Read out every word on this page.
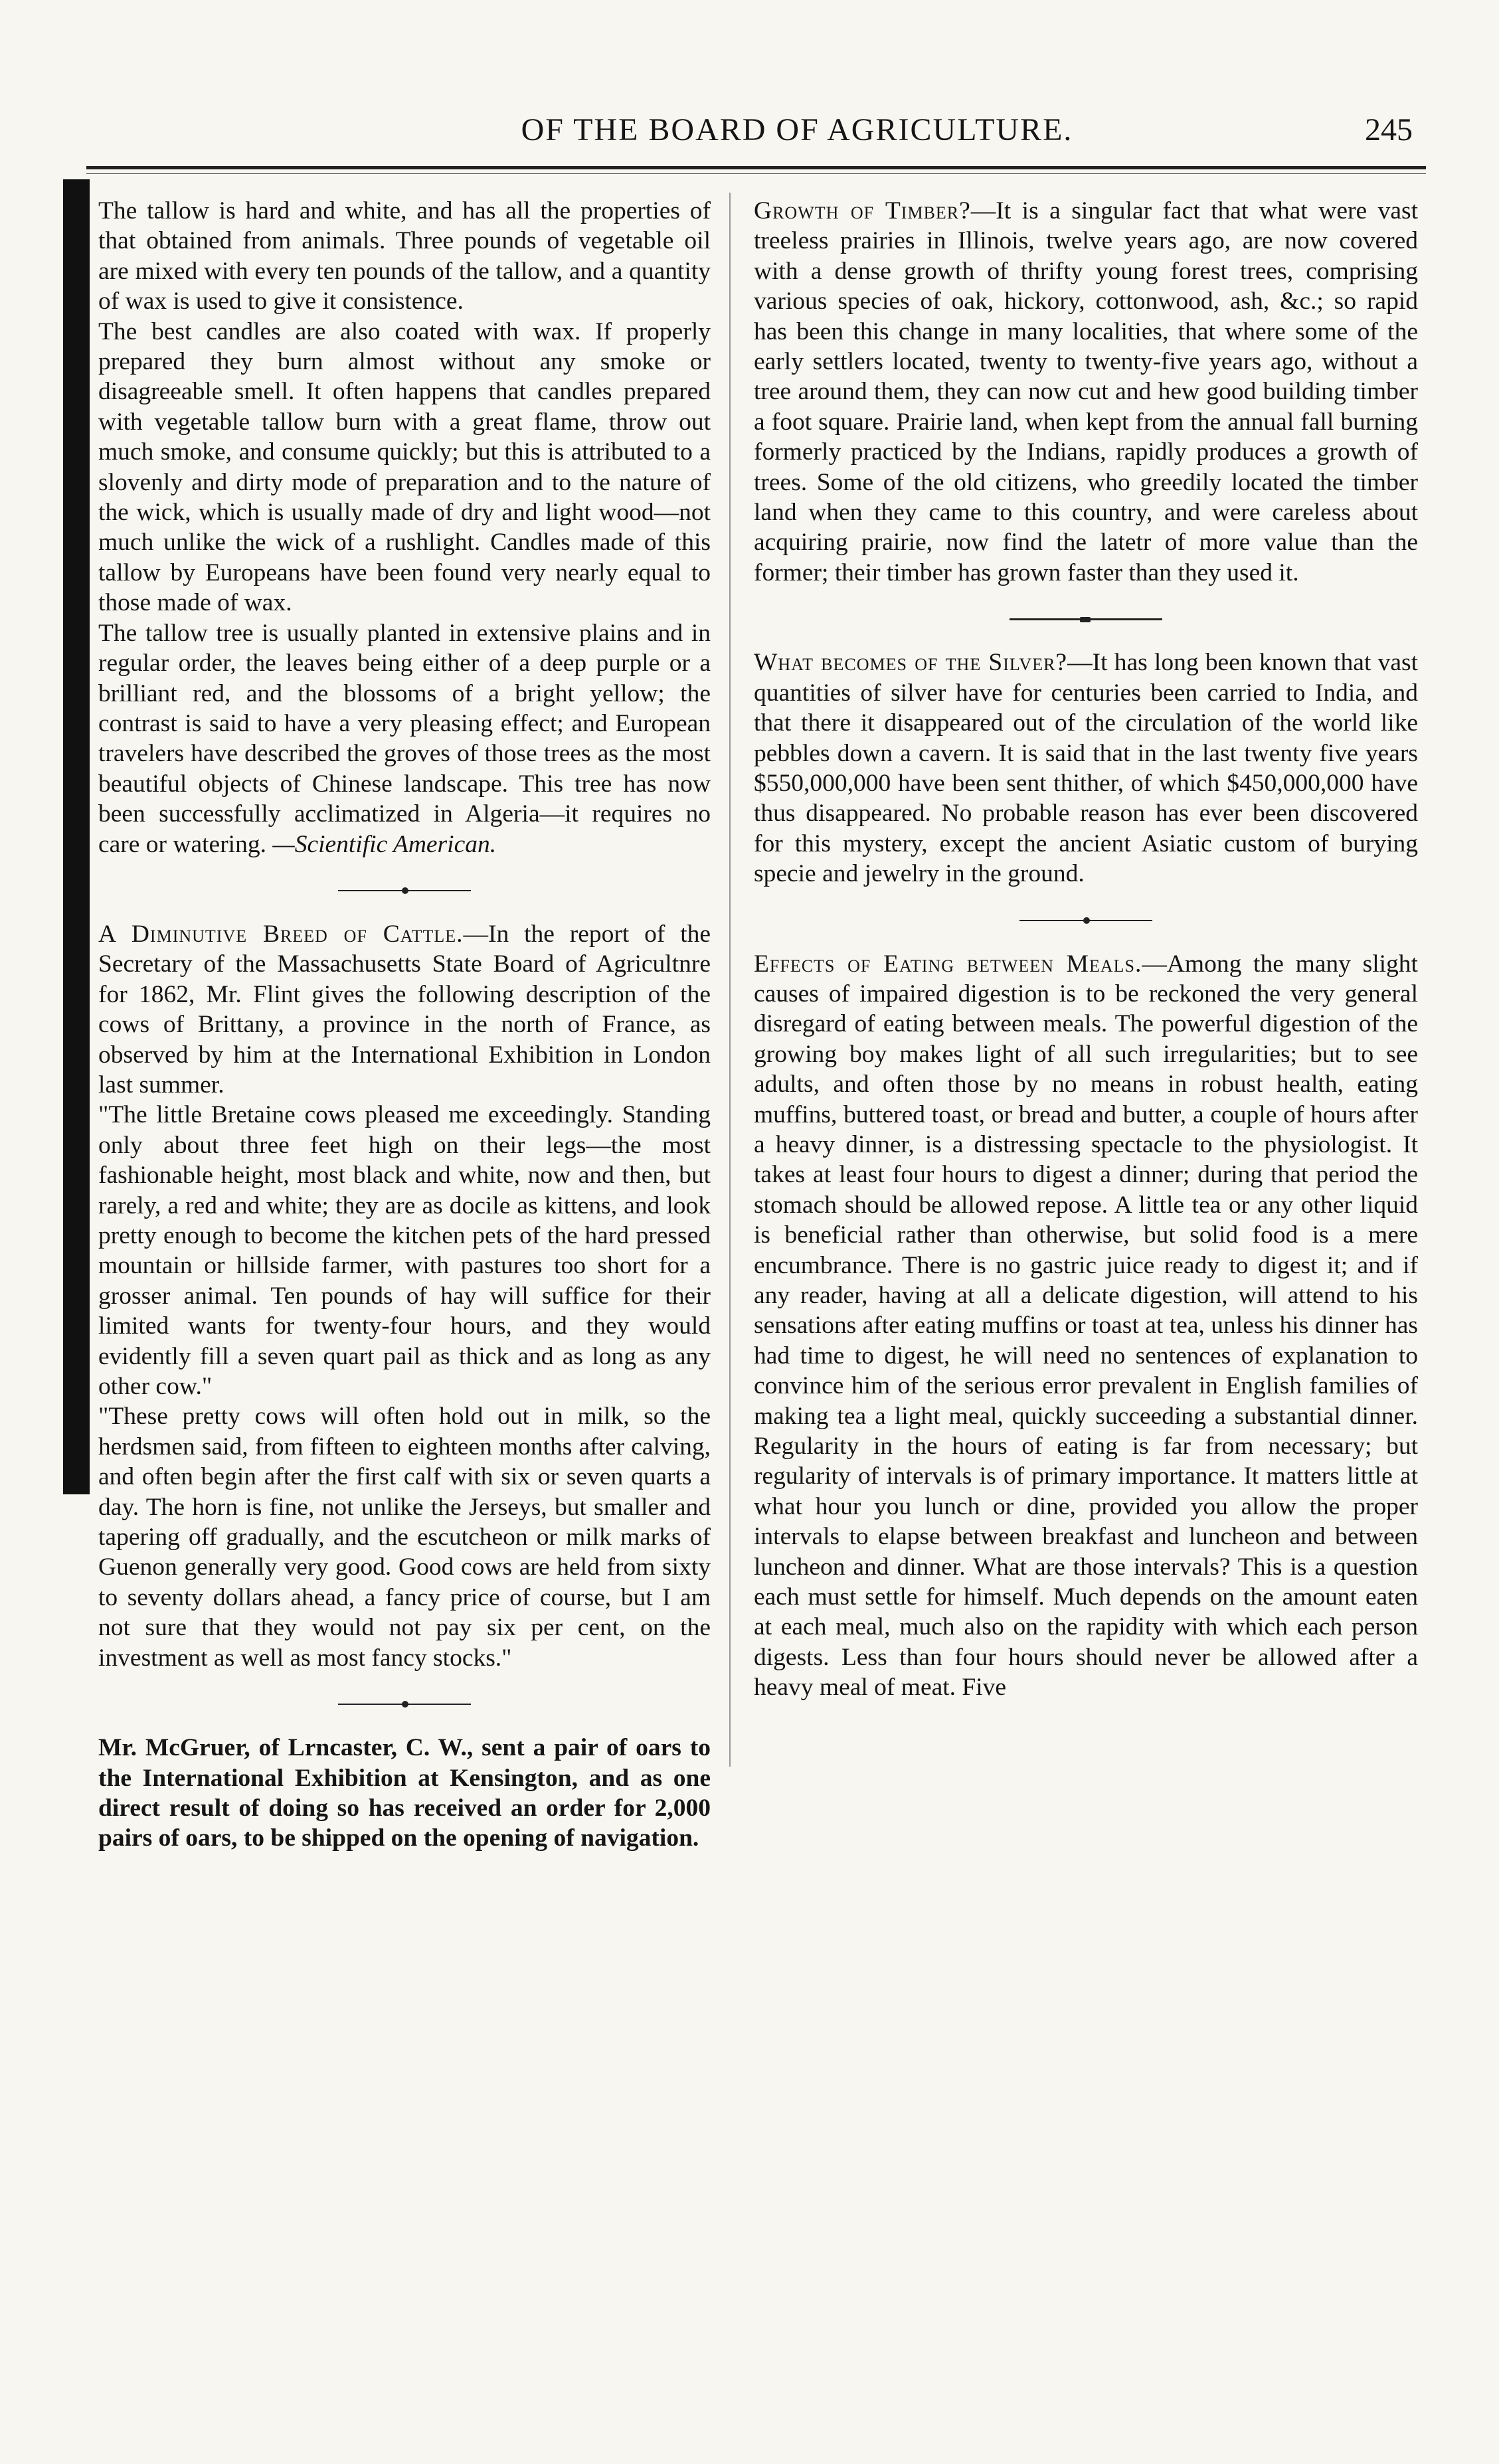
OF THE BOARD OF AGRICULTURE.	245

The tallow is hard and white, and has all the properties of that obtained from animals. Three pounds of vegetable oil are mixed with every ten pounds of the tallow, and a quantity of wax is used to give it consistence.

The best candles are also coated with wax. If properly prepared they burn almost without any smoke or disagreeable smell. It often happens that candles prepared with vegetable tallow burn with a great flame, throw out much smoke, and consume quickly; but this is attributed to a slovenly and dirty mode of preparation and to the nature of the wick, which is usually made of dry and light wood—not much unlike the wick of a rushlight. Candles made of this tallow by Europeans have been found very nearly equal to those made of wax.

The tallow tree is usually planted in extensive plains and in regular order, the leaves being either of a deep purple or a brilliant red, and the blossoms of a bright yellow; the contrast is said to have a very pleasing effect; and European travelers have described the groves of those trees as the most beautiful objects of Chinese landscape. This tree has now been successfully acclimatized in Algeria—it requires no care or watering. —Scientific American.

A Diminutive Breed of Cattle.—In the report of the Secretary of the Massachusetts State Board of Agricultnre for 1862, Mr. Flint gives the following description of the cows of Brittany, a province in the north of France, as observed by him at the International Exhibition in London last summer.

"The little Bretaine cows pleased me exceedingly. Standing only about three feet high on their legs—the most fashionable height, most black and white, now and then, but rarely, a red and white; they are as docile as kittens, and look pretty enough to become the kitchen pets of the hard pressed mountain or hillside farmer, with pastures too short for a grosser animal. Ten pounds of hay will suffice for their limited wants for twenty-four hours, and they would evidently fill a seven quart pail as thick and as long as any other cow."

"These pretty cows will often hold out in milk, so the herdsmen said, from fifteen to eighteen months after calving, and often begin after the first calf with six or seven quarts a day. The horn is fine, not unlike the Jerseys, but smaller and tapering off gradually, and the escutcheon or milk marks of Guenon generally very good. Good cows are held from sixty to seventy dollars ahead, a fancy price of course, but I am not sure that they would not pay six per cent, on the investment as well as most fancy stocks."

Mr. McGruer, of Lrncaster, C. W., sent a pair of oars to the International Exhibition at Kensington, and as one direct result of doing so has received an order for 2,000 pairs of oars, to be shipped on the opening of navigation.

Growth of Timber?—It is a singular fact that what were vast treeless prairies in Illinois, twelve years ago, are now covered with a dense growth of thrifty young forest trees, comprising various species of oak, hickory, cottonwood, ash, &c.; so rapid has been this change in many localities, that where some of the early settlers located, twenty to twenty-five years ago, without a tree around them, they can now cut and hew good building timber a foot square. Prairie land, when kept from the annual fall burning formerly practiced by the Indians, rapidly produces a growth of trees. Some of the old citizens, who greedily located the timber land when they came to this country, and were careless about acquiring prairie, now find the latetr of more value than the former; their timber has grown faster than they used it.

What becomes of the Silver?—It has long been known that vast quantities of silver have for centuries been carried to India, and that there it disappeared out of the circulation of the world like pebbles down a cavern. It is said that in the last twenty five years $550,000,000 have been sent thither, of which $450,000,000 have thus disappeared. No probable reason has ever been discovered for this mystery, except the ancient Asiatic custom of burying specie and jewelry in the ground.

Effects of Eating between Meals.—Among the many slight causes of impaired digestion is to be reckoned the very general disregard of eating between meals. The powerful digestion of the growing boy makes light of all such irregularities; but to see adults, and often those by no means in robust health, eating muffins, buttered toast, or bread and butter, a couple of hours after a heavy dinner, is a distressing spectacle to the physiologist. It takes at least four hours to digest a dinner; during that period the stomach should be allowed repose. A little tea or any other liquid is beneficial rather than otherwise, but solid food is a mere encumbrance. There is no gastric juice ready to digest it; and if any reader, having at all a delicate digestion, will attend to his sensations after eating muffins or toast at tea, unless his dinner has had time to digest, he will need no sentences of explanation to convince him of the serious error prevalent in English families of making tea a light meal, quickly succeeding a substantial dinner. Regularity in the hours of eating is far from necessary; but regularity of intervals is of primary importance. It matters little at what hour you lunch or dine, provided you allow the proper intervals to elapse between breakfast and luncheon and between luncheon and dinner. What are those intervals? This is a question each must settle for himself. Much depends on the amount eaten at each meal, much also on the rapidity with which each person digests. Less than four hours should never be allowed after a heavy meal of meat. Five
